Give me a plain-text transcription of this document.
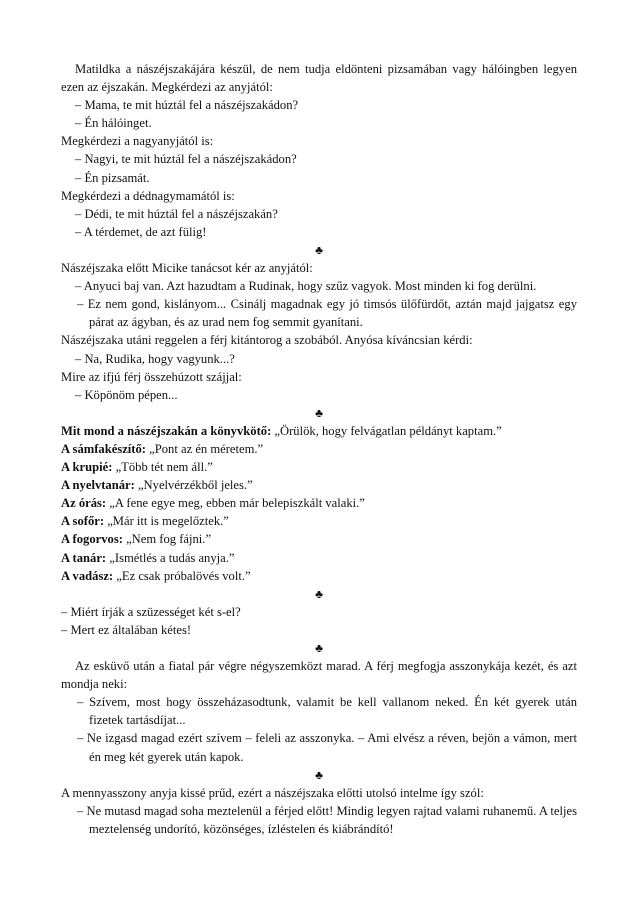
Matildka a nászéjszakájára készül, de nem tudja eldönteni pizsamában vagy hálóingben legyen ezen az éjszakán. Megkérdezi az anyjától:

– Mama, te mit húztál fel a nászéjszakádon?

– Én hálóinget.

Megkérdezi a nagyanyjától is:

– Nagyi, te mit húztál fel a nászéjszakádon?

– Én pizsamát.

Megkérdezi a dédnagymamától is:

– Dédi, te mit húztál fel a nászéjszakán?

– A térdemet, de azt fülig!

♣

Nászéjszaka előtt Micike tanácsot kér az anyjától:

– Anyuci baj van. Azt hazudtam a Rudinak, hogy szűz vagyok. Most minden ki fog derülni.

– Ez nem gond, kislányom... Csinálj magadnak egy jó timsós ülőfürdőt, aztán majd jajgatsz egy párat az ágyban, és az urad nem fog semmit gyanítani.

Nászéjszaka utáni reggelen a férj kitántorog a szobából. Anyósa kíváncsian kérdi:

– Na, Rudika, hogy vagyunk...?

Mire az ifjú férj összehúzott szájjal:

– Köpönöm pépen...

♣

Mit mond a nászéjszakán a könyvkötő: „Örülök, hogy felvágatlan példányt kaptam.”

A sámfakészítő: „Pont az én méretem.”

A krupié: „Több tét nem áll.”

A nyelvtanár: „Nyelvérzékből jeles.”

Az órás: „A fene egye meg, ebben már belepiszkált valaki.”

A sofőr: „Már itt is megelőztek.”

A fogorvos: „Nem fog fájni.”

A tanár: „Ismétlés a tudás anyja.”

A vadász: „Ez csak próbalövés volt.”

♣

– Miért írják a szüzességet két s-el?

– Mert ez általában kétes!

♣

Az esküvő után a fiatal pár végre négyszemközt marad. A férj megfogja asszonykája kezét, és azt mondja neki:

– Szívem, most hogy összeházasodtunk, valamit be kell vallanom neked. Én két gyerek után fizetek tartásdíjat...

– Ne izgasd magad ezért szívem – feleli az asszonyka. – Ami elvész a réven, bejön a vámon, mert én meg két gyerek után kapok.

♣

A mennyasszony anyja kissé prűd, ezért a nászéjszaka előtti utolsó intelme így szól:

– Ne mutasd magad soha meztelenül a férjed előtt! Mindig legyen rajtad valami ruhanemű. A teljes meztelenség undorító, közönséges, ízléstelen és kiábrándító!
